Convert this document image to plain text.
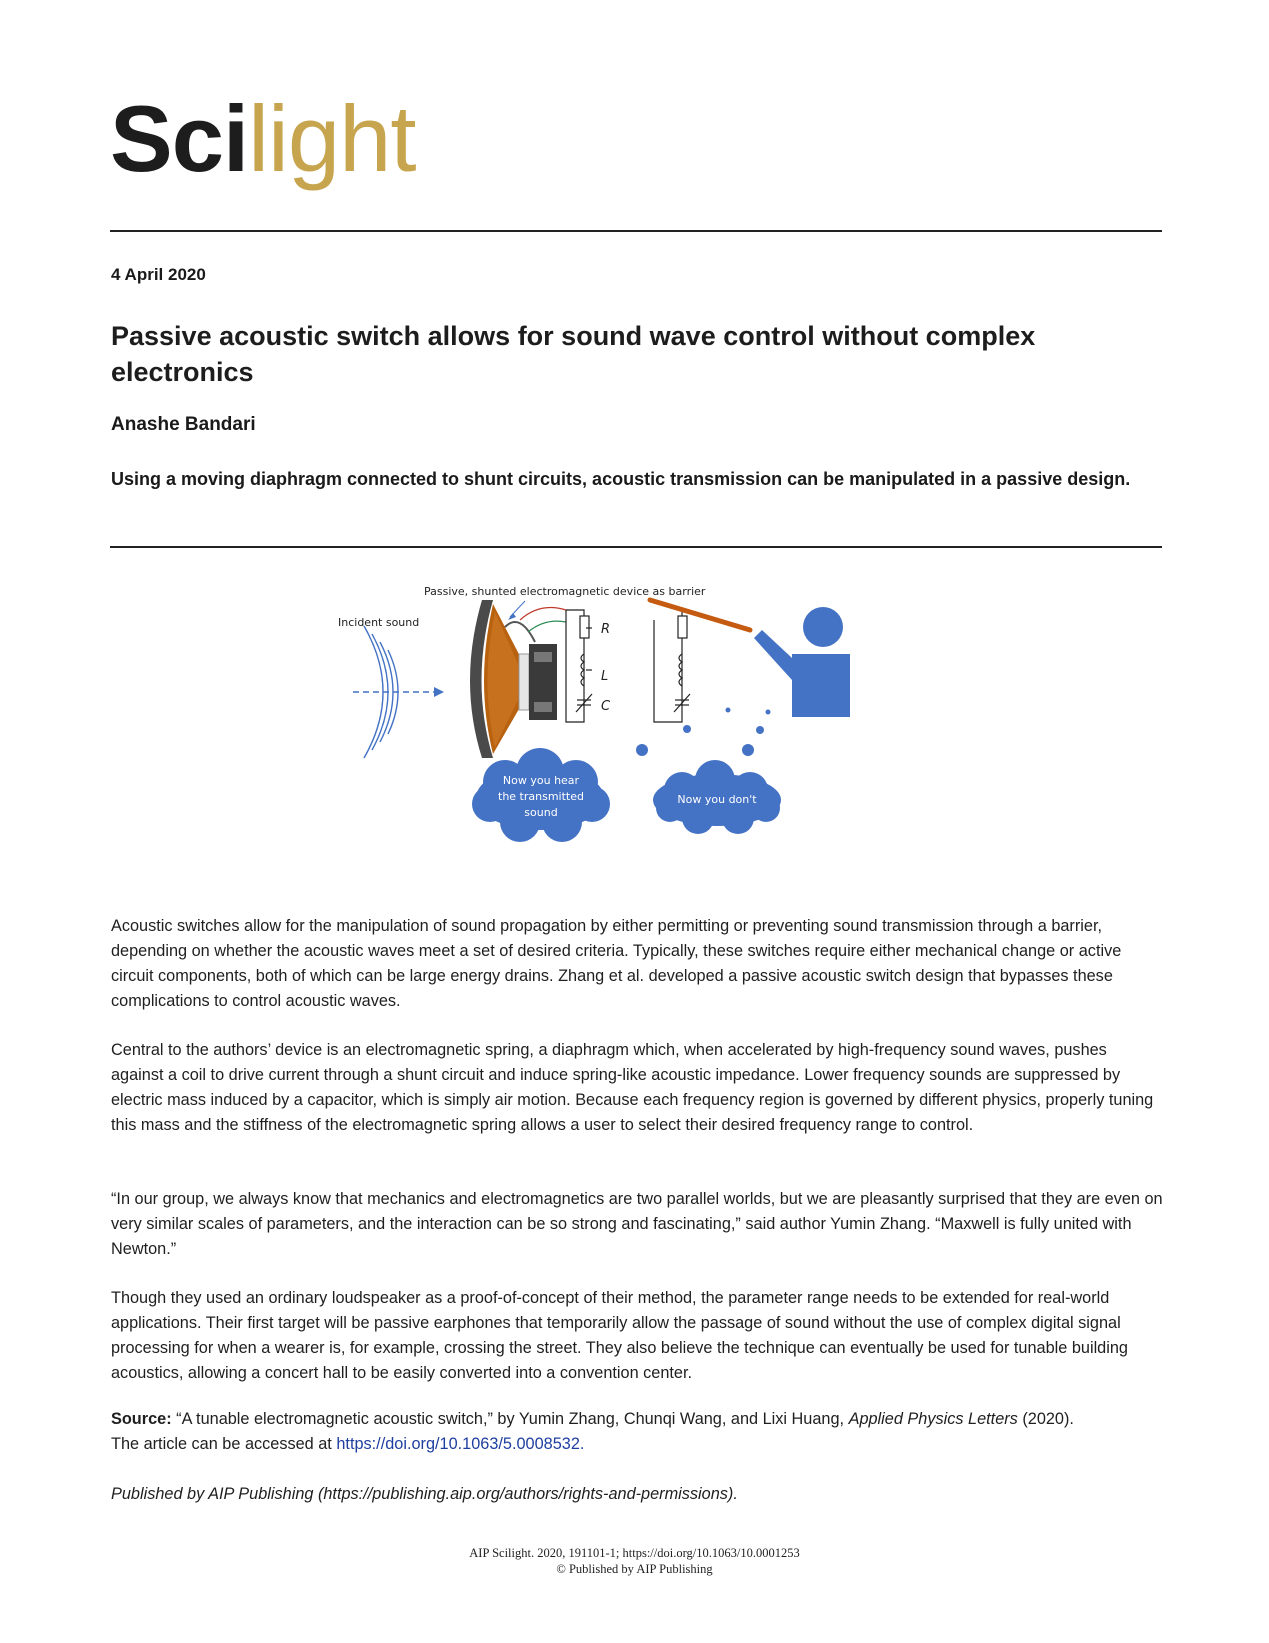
Scilight
4 April 2020
Passive acoustic switch allows for sound wave control without complex electronics
Anashe Bandari

Using a moving diaphragm connected to shunt circuits, acoustic transmission can be manipulated in a passive design.

Passive, shunted electromagnetic device as barrier
Incident sound	R
L
C
Now you hear
the transmitted
sound
Now you don't

Acoustic switches allow for the manipulation of sound propagation by either permitting or preventing sound transmission through a barrier, depending on whether the acoustic waves meet a set of desired criteria. Typically, these switches require either mechanical change or active circuit components, both of which can be large energy drains. Zhang et al. developed a passive acoustic switch design that bypasses these complications to control acoustic waves.

Central to the authors’ device is an electromagnetic spring, a diaphragm which, when accelerated by high-frequency sound waves, pushes against a coil to drive current through a shunt circuit and induce spring-like acoustic impedance. Lower frequency sounds are suppressed by electric mass induced by a capacitor, which is simply air motion. Because each frequency region is governed by different physics, properly tuning this mass and the stiffness of the electromagnetic spring allows a user to select their desired frequency range to control.

“In our group, we always know that mechanics and electromagnetics are two parallel worlds, but we are pleasantly surprised that they are even on very similar scales of parameters, and the interaction can be so strong and fascinating,” said author Yumin Zhang. “Maxwell is fully united with Newton.”

Though they used an ordinary loudspeaker as a proof-of-concept of their method, the parameter range needs to be extended for real-world applications. Their first target will be passive earphones that temporarily allow the passage of sound without the use of complex digital signal processing for when a wearer is, for example, crossing the street. They also believe the technique can eventually be used for tunable building acoustics, allowing a concert hall to be easily converted into a convention center.

Source: “A tunable electromagnetic acoustic switch,” by Yumin Zhang, Chunqi Wang, and Lixi Huang, Applied Physics Letters (2020).
The article can be accessed at https://doi.org/10.1063/5.0008532.

Published by AIP Publishing (https://publishing.aip.org/authors/rights-and-permissions).

AIP Scilight. 2020, 191101-1; https://doi.org/10.1063/10.0001253
© Published by AIP Publishing
